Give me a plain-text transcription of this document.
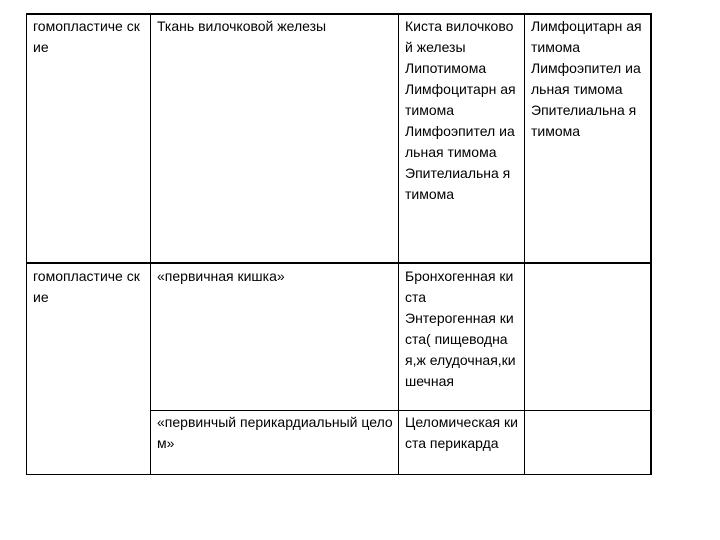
гомопластиче ские
Ткань вилочковой железы	Киста вилочковой железы
Липотимома
Лимфоцитарн ая тимома
Лимфоэпител иальная тимома
Эпителиальна я тимома
Лимфоцитарн ая тимома
Лимфоэпител иальная тимома
Эпителиальна я тимома
гомопластиче ские
«первичная кишка»	Бронхогенная киста
Энтерогенная киста( пищеводная,ж елудочная,ки шечная
«первинчый перикардиальный целом»
Целомическая киста перикарда
